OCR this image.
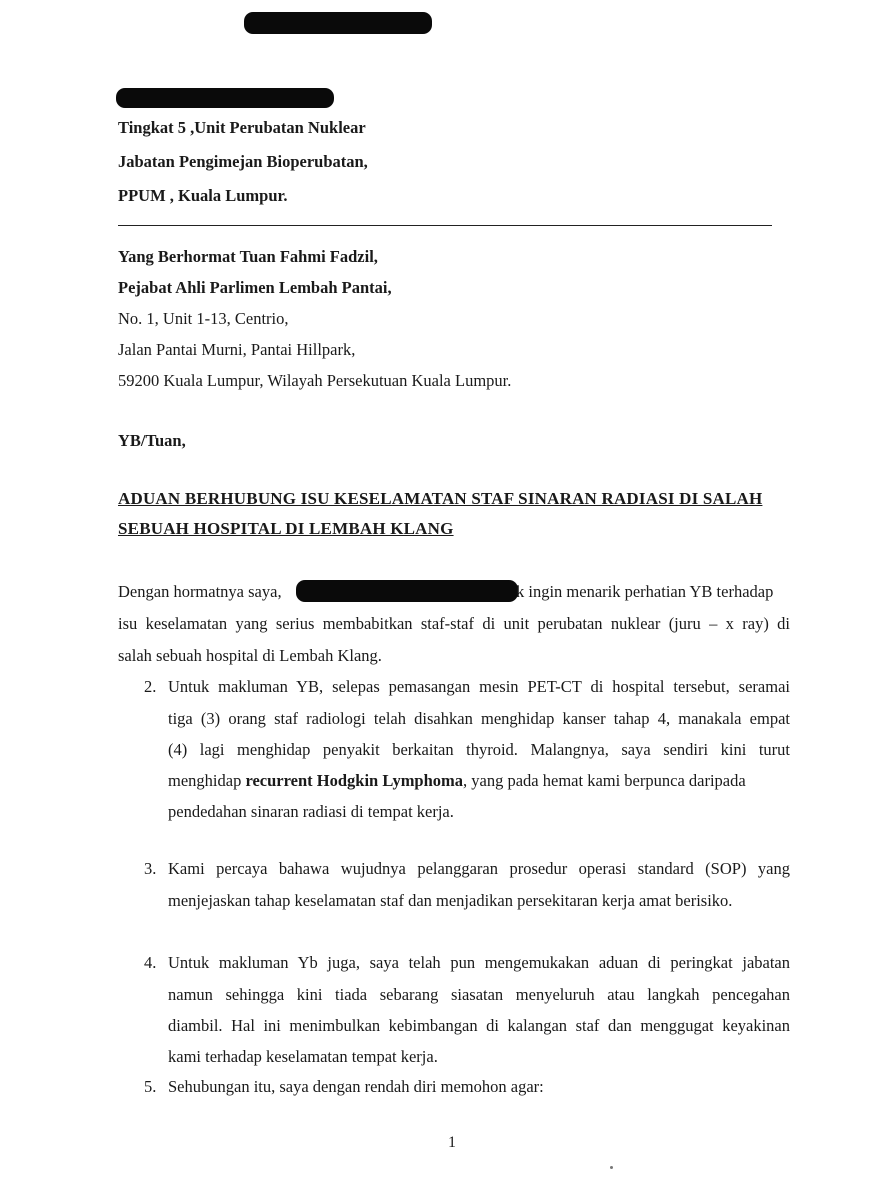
Tingkat 5 ,Unit Perubatan Nuklear
Jabatan Pengimejan Bioperubatan,
PPUM , Kuala Lumpur.
Yang Berhormat Tuan Fahmi Fadzil,
Pejabat Ahli Parlimen Lembah Pantai,
No. 1, Unit 1-13, Centrio,
Jalan Pantai Murni, Pantai Hillpark,
59200 Kuala Lumpur, Wilayah Persekutuan Kuala Lumpur.
YB/Tuan,
ADUAN BERHUBUNG ISU KESELAMATAN STAF SINARAN RADIASI DI SALAH
SEBUAH HOSPITAL DI LEMBAH KLANG
Dengan hormatnya saya,	k ingin menarik perhatian YB terhadap
isu keselamatan yang serius membabitkan staf-staf di unit perubatan nuklear (juru – x ray) di
salah sebuah hospital di Lembah Klang.
2. Untuk makluman YB, selepas pemasangan mesin PET-CT di hospital tersebut, seramai
tiga (3) orang staf radiologi telah disahkan menghidap kanser tahap 4, manakala empat
(4) lagi menghidap penyakit berkaitan thyroid. Malangnya, saya sendiri kini turut
menghidap recurrent Hodgkin Lymphoma, yang pada hemat kami berpunca daripada
pendedahan sinaran radiasi di tempat kerja.
3. Kami percaya bahawa wujudnya pelanggaran prosedur operasi standard (SOP) yang
menjejaskan tahap keselamatan staf dan menjadikan persekitaran kerja amat berisiko.
4. Untuk makluman Yb juga, saya telah pun mengemukakan aduan di peringkat jabatan
namun sehingga kini tiada sebarang siasatan menyeluruh atau langkah pencegahan
diambil. Hal ini menimbulkan kebimbangan di kalangan staf dan menggugat keyakinan
kami terhadap keselamatan tempat kerja.
5. Sehubungan itu, saya dengan rendah diri memohon agar:
1
